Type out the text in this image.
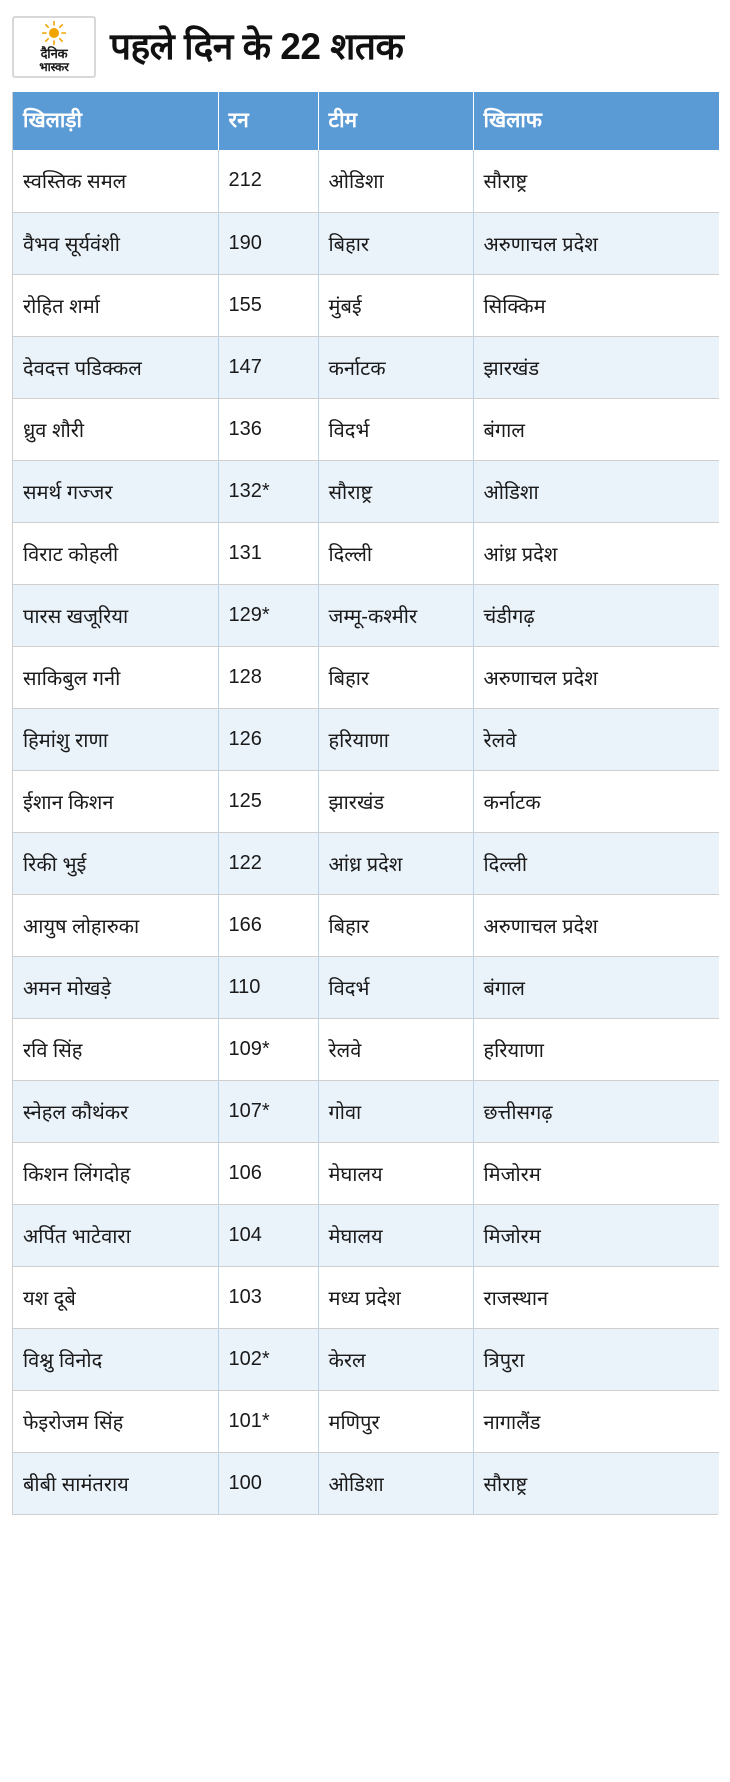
दैनिक
भास्कर पहले दिन के 22 शतक
खिलाड़ी	रन	टीम	खिलाफ
स्वस्तिक समल	212	ओडिशा	सौराष्ट्र
वैभव सूर्यवंशी	190	बिहार	अरुणाचल प्रदेश
रोहित शर्मा	155	मुंबई	सिक्किम
देवदत्त पडिक्कल	147	कर्नाटक	झारखंड
ध्रुव शौरी	136	विदर्भ	बंगाल
समर्थ गज्जर	132*	सौराष्ट्र	ओडिशा
विराट कोहली	131	दिल्ली	आंध्र प्रदेश
पारस खजूरिया	129*	जम्मू-कश्मीर	चंडीगढ़
साकिबुल गनी	128	बिहार	अरुणाचल प्रदेश
हिमांशु राणा	126	हरियाणा	रेलवे
ईशान किशन	125	झारखंड	कर्नाटक
रिकी भुई	122	आंध्र प्रदेश	दिल्ली
आयुष लोहारुका	166	बिहार	अरुणाचल प्रदेश
अमन मोखड़े	110	विदर्भ	बंगाल
रवि सिंह	109*	रेलवे	हरियाणा
स्नेहल कौथंकर	107*	गोवा	छत्तीसगढ़
किशन लिंगदोह	106	मेघालय	मिजोरम
अर्पित भाटेवारा	104	मेघालय	मिजोरम
यश दूबे	103	मध्य प्रदेश	राजस्थान
विश्नु विनोद	102*	केरल	त्रिपुरा
फेइरोजम सिंह	101*	मणिपुर	नागालैंड
बीबी सामंतराय	100	ओडिशा	सौराष्ट्र
